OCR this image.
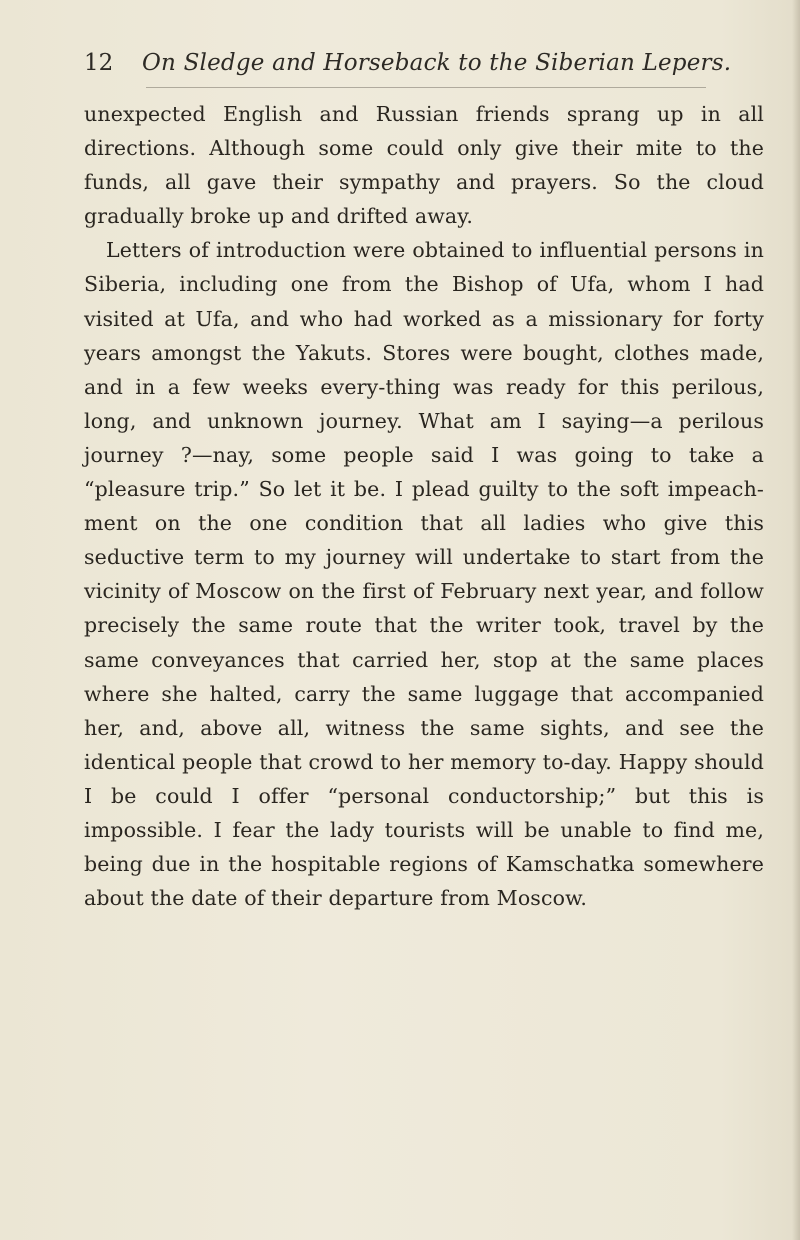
12 On Sledge and Horseback to the Siberian Lepers.

unexpected English and Russian friends sprang up in all directions. Although some could only give their mite to the funds, all gave their sympathy and prayers. So the cloud gradually broke up and drifted away.

Letters of introduction were obtained to influential persons in Siberia, including one from the Bishop of Ufa, whom I had visited at Ufa, and who had worked as a missionary for forty years amongst the Yakuts. Stores were bought, clothes made, and in a few weeks every-thing was ready for this perilous, long, and unknown journey. What am I saying—a perilous journey ?—nay, some people said I was going to take a “pleasure trip.” So let it be. I plead guilty to the soft impeach-ment on the one condition that all ladies who give this seductive term to my journey will undertake to start from the vicinity of Moscow on the first of February next year, and follow precisely the same route that the writer took, travel by the same conveyances that carried her, stop at the same places where she halted, carry the same luggage that accompanied her, and, above all, witness the same sights, and see the identical people that crowd to her memory to-day. Happy should I be could I offer “personal conductorship;” but this is impossible. I fear the lady tourists will be unable to find me, being due in the hospitable regions of Kamschatka somewhere about the date of their departure from Moscow.
